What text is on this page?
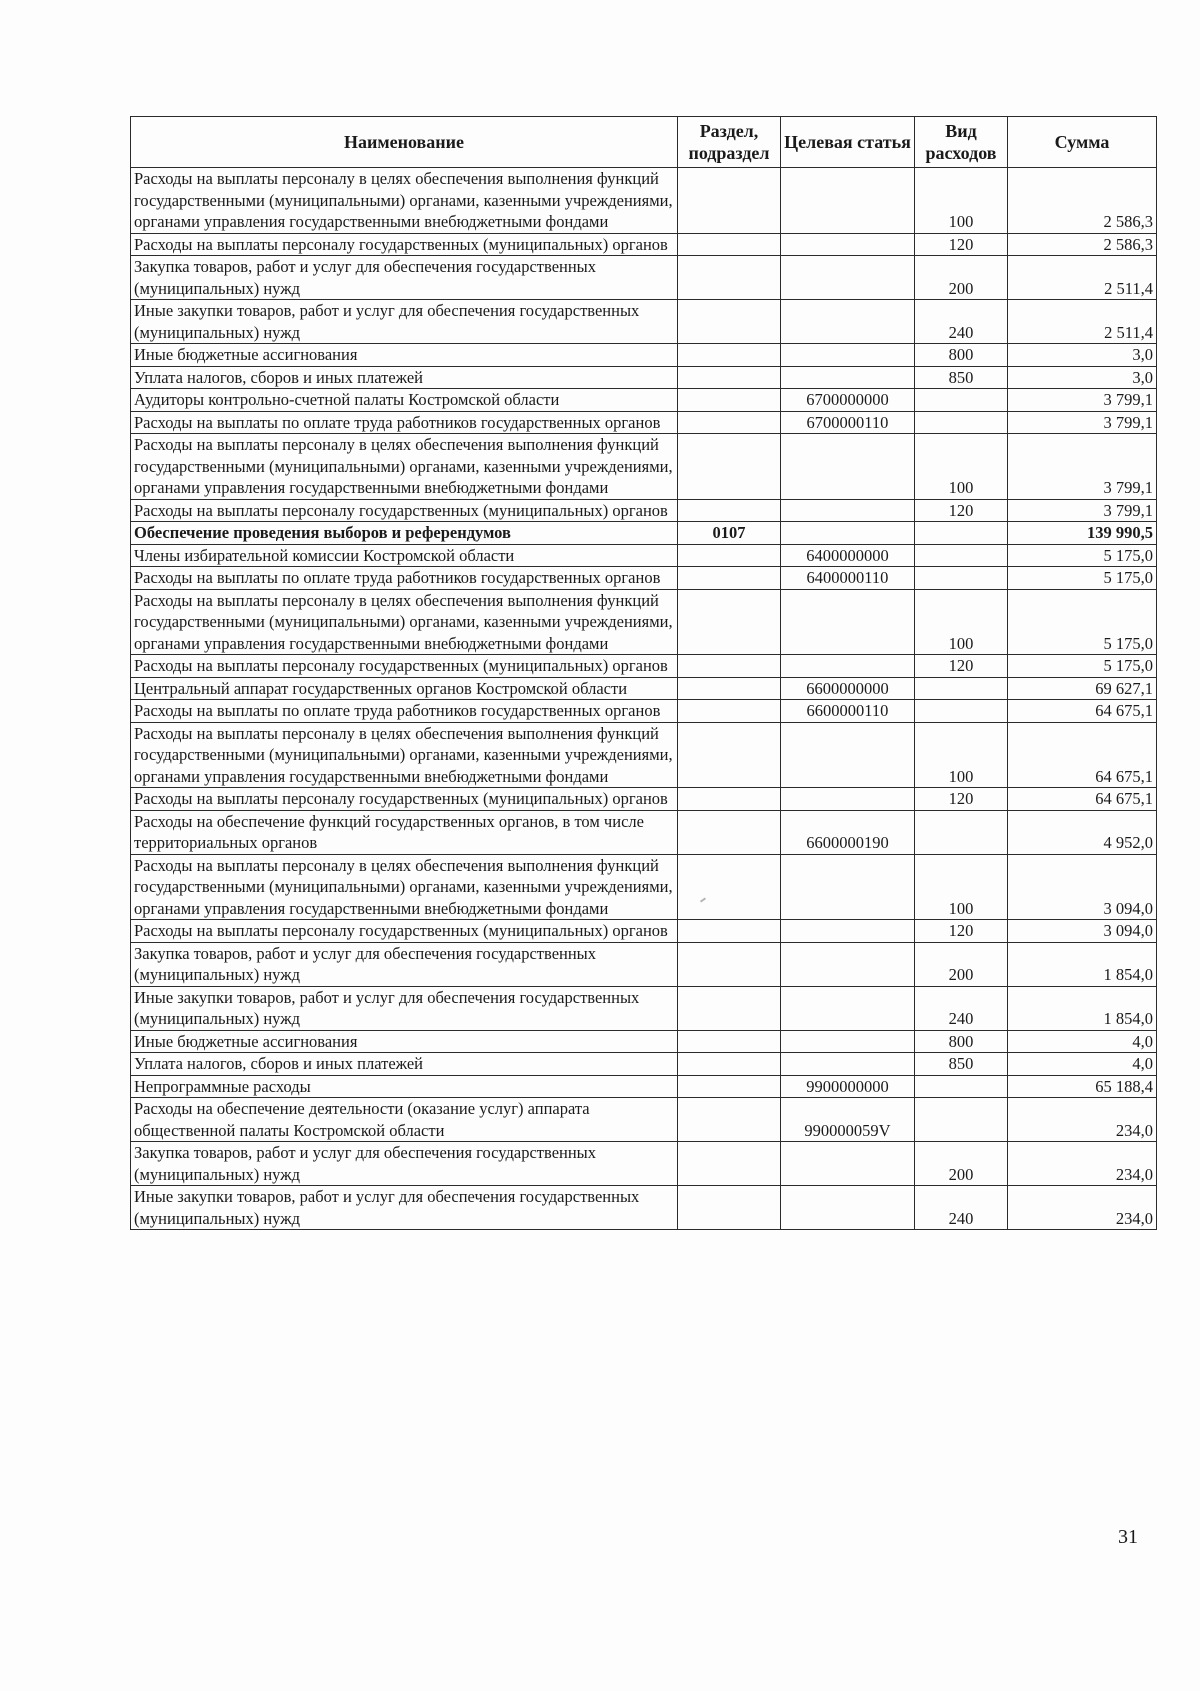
Наименование	Раздел, подраздел	Целевая статья	Вид расходов	Сумма
Расходы на выплаты персоналу в целях обеспечения выполнения функций государственными (муниципальными) органами, казенными учреждениями, органами управления государственными внебюджетными фондами			100	2 586,3
Расходы на выплаты персоналу государственных (муниципальных) органов			120	2 586,3
Закупка товаров, работ и услуг для обеспечения государственных (муниципальных) нужд			200	2 511,4
Иные закупки товаров, работ и услуг для обеспечения государственных (муниципальных) нужд			240	2 511,4
Иные бюджетные ассигнования			800	3,0
Уплата налогов, сборов и иных платежей			850	3,0
Аудиторы контрольно-счетной палаты Костромской области		6700000000		3 799,1
Расходы на выплаты по оплате труда работников государственных органов		6700000110		3 799,1
Расходы на выплаты персоналу в целях обеспечения выполнения функций государственными (муниципальными) органами, казенными учреждениями, органами управления государственными внебюджетными фондами			100	3 799,1
Расходы на выплаты персоналу государственных (муниципальных) органов			120	3 799,1
Обеспечение проведения выборов и референдумов	0107			139 990,5
Члены избирательной комиссии Костромской области		6400000000		5 175,0
Расходы на выплаты по оплате труда работников государственных органов		6400000110		5 175,0
Расходы на выплаты персоналу в целях обеспечения выполнения функций государственными (муниципальными) органами, казенными учреждениями, органами управления государственными внебюджетными фондами			100	5 175,0
Расходы на выплаты персоналу государственных (муниципальных) органов			120	5 175,0
Центральный аппарат государственных органов Костромской области		6600000000		69 627,1
Расходы на выплаты по оплате труда работников государственных органов		6600000110		64 675,1
Расходы на выплаты персоналу в целях обеспечения выполнения функций государственными (муниципальными) органами, казенными учреждениями, органами управления государственными внебюджетными фондами			100	64 675,1
Расходы на выплаты персоналу государственных (муниципальных) органов			120	64 675,1
Расходы на обеспечение функций государственных органов, в том числе территориальных органов		6600000190		4 952,0
Расходы на выплаты персоналу в целях обеспечения выполнения функций государственными (муниципальными) органами, казенными учреждениями, органами управления государственными внебюджетными фондами			100	3 094,0
Расходы на выплаты персоналу государственных (муниципальных) органов			120	3 094,0
Закупка товаров, работ и услуг для обеспечения государственных (муниципальных) нужд			200	1 854,0
Иные закупки товаров, работ и услуг для обеспечения государственных (муниципальных) нужд			240	1 854,0
Иные бюджетные ассигнования			800	4,0
Уплата налогов, сборов и иных платежей			850	4,0
Непрограммные расходы		9900000000		65 188,4
Расходы на обеспечение деятельности (оказание услуг) аппарата общественной палаты Костромской области		990000059V		234,0
Закупка товаров, работ и услуг для обеспечения государственных (муниципальных) нужд			200	234,0
Иные закупки товаров, работ и услуг для обеспечения государственных (муниципальных) нужд			240	234,0
31
